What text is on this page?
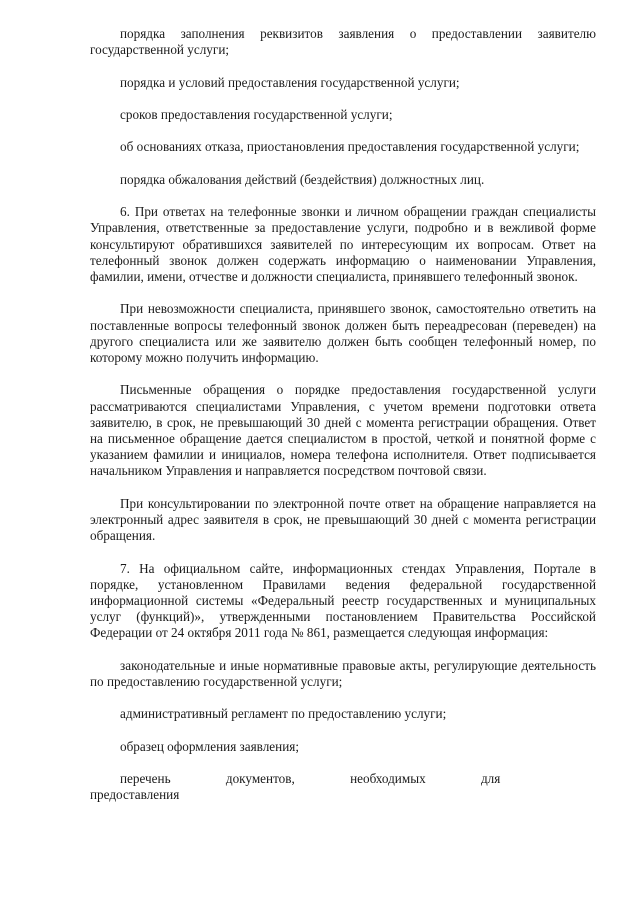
порядка заполнения реквизитов заявления о предоставлении заявителю государственной услуги;

порядка и условий предоставления государственной услуги;

сроков предоставления государственной услуги;

об основаниях отказа, приостановления предоставления государственной услуги;

порядка обжалования действий (бездействия) должностных лиц.

6. При ответах на телефонные звонки и личном обращении граждан специалисты Управления, ответственные за предоставление услуги, подробно и в вежливой форме консультируют обратившихся заявителей по интересующим их вопросам. Ответ на телефонный звонок должен содержать информацию о наименовании Управления, фамилии, имени, отчестве и должности специалиста, принявшего телефонный звонок.

При невозможности специалиста, принявшего звонок, самостоятельно ответить на поставленные вопросы телефонный звонок должен быть переадресован (переведен) на другого специалиста или же заявителю должен быть сообщен телефонный номер, по которому можно получить информацию.

Письменные обращения о порядке предоставления государственной услуги рассматриваются специалистами Управления, с учетом времени подготовки ответа заявителю, в срок, не превышающий 30 дней с момента регистрации обращения. Ответ на письменное обращение дается специалистом в простой, четкой и понятной форме с указанием фамилии и инициалов, номера телефона исполнителя. Ответ подписывается начальником Управления и направляется посредством почтовой связи.

При консультировании по электронной почте ответ на обращение направляется на электронный адрес заявителя в срок, не превышающий 30 дней с момента регистрации обращения.

7. На официальном сайте, информационных стендах Управления, Портале в порядке, установленном Правилами ведения федеральной государственной информационной системы «Федеральный реестр государственных и муниципальных услуг (функций)», утвержденными постановлением Правительства Российской Федерации от 24 октября 2011 года № 861, размещается следующая информация:

законодательные и иные нормативные правовые акты, регулирующие деятельность по предоставлению государственной услуги;

административный регламент по предоставлению услуги;

образец оформления заявления;

перечень документов, необходимых для предоставления
